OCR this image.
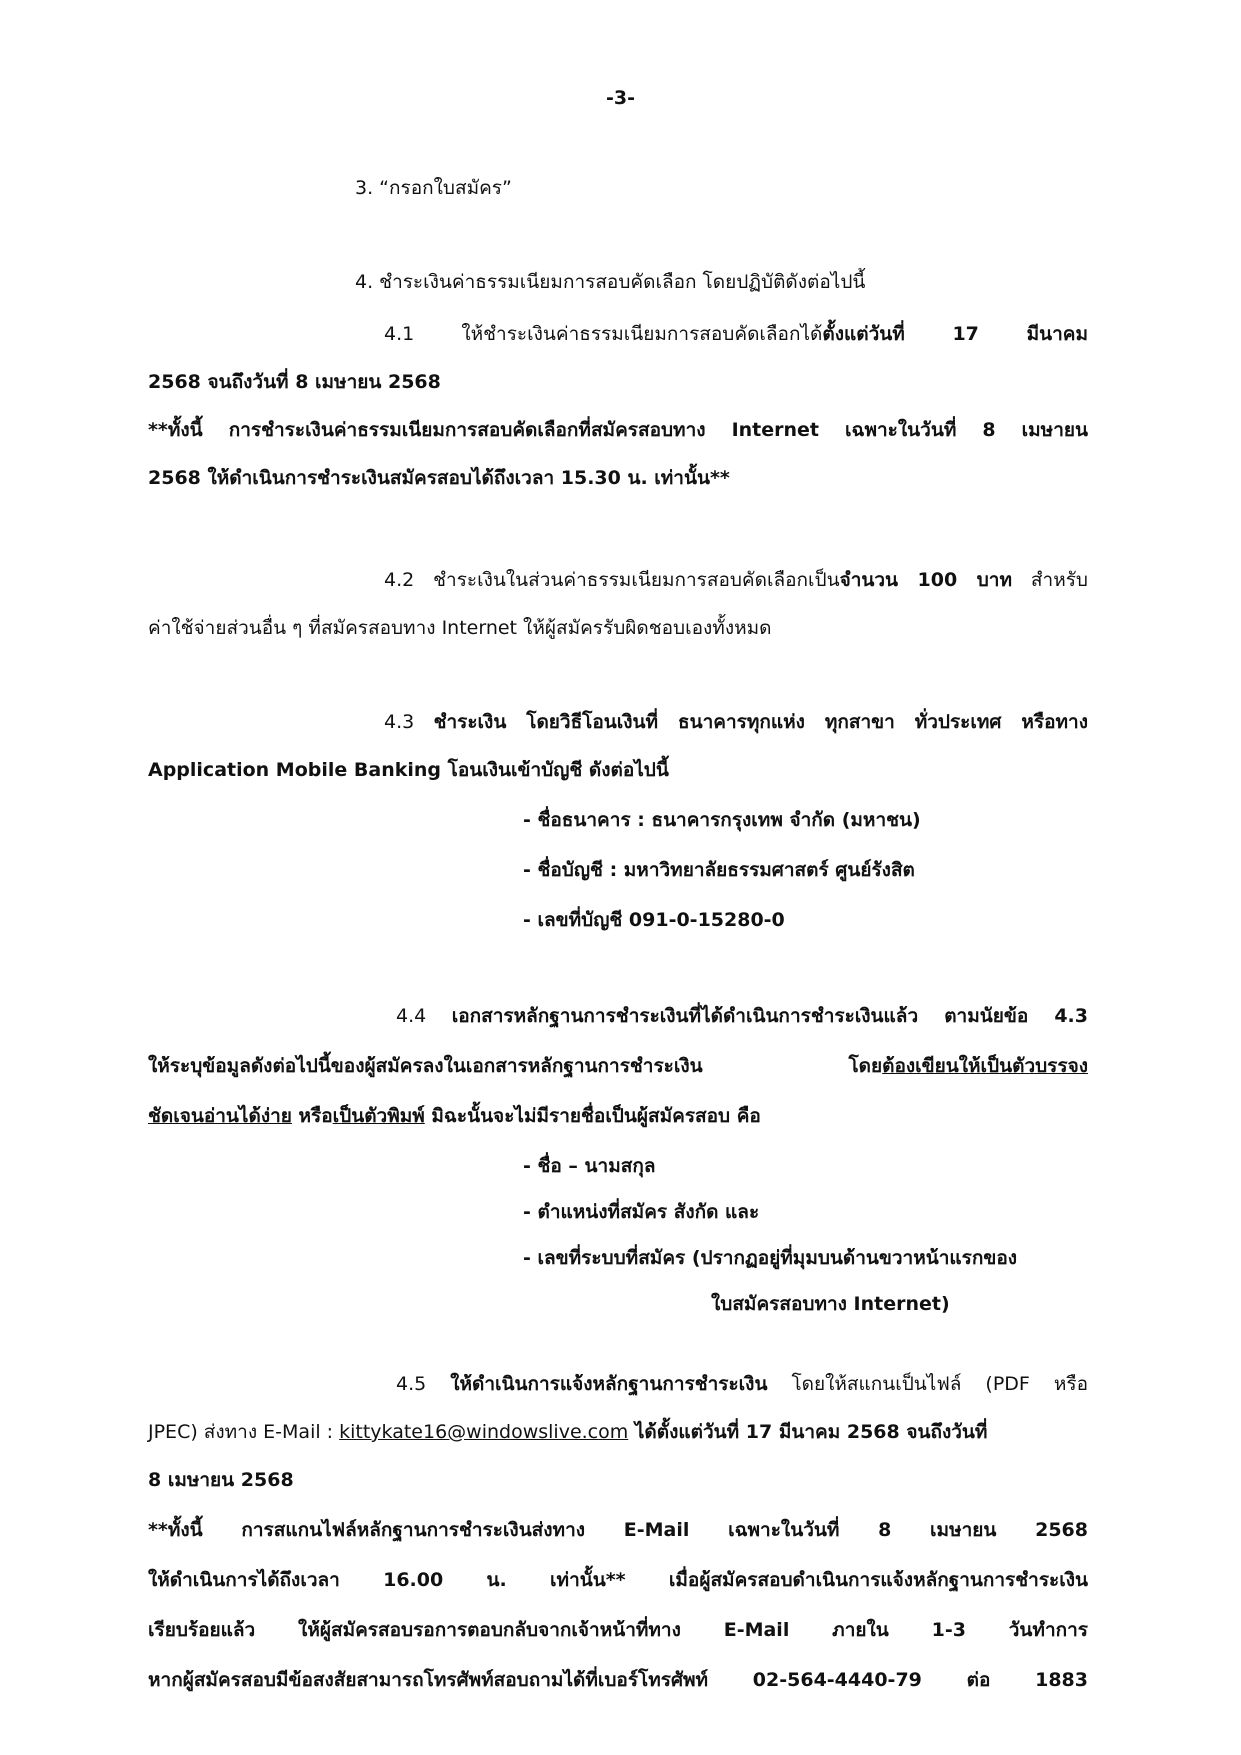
-3-
3. “กรอกใบสมัคร”
4. ชำระเงินค่าธรรมเนียมการสอบคัดเลือก โดยปฏิบัติดังต่อไปนี้
4.1 ให้ชำระเงินค่าธรรมเนียมการสอบคัดเลือกได้ตั้งแต่วันที่ 17 มีนาคม
2568 จนถึงวันที่ 8 เมษายน 2568
**ทั้งนี้ การชำระเงินค่าธรรมเนียมการสอบคัดเลือกที่สมัครสอบทาง Internet เฉพาะในวันที่ 8 เมษายน
2568 ให้ดำเนินการชำระเงินสมัครสอบได้ถึงเวลา 15.30 น. เท่านั้น**
4.2 ชำระเงินในส่วนค่าธรรมเนียมการสอบคัดเลือกเป็นจำนวน 100 บาท สำหรับ
ค่าใช้จ่ายส่วนอื่น ๆ ที่สมัครสอบทาง Internet ให้ผู้สมัครรับผิดชอบเองทั้งหมด
4.3 ชำระเงิน โดยวิธีโอนเงินที่ ธนาคารทุกแห่ง ทุกสาขา ทั่วประเทศ หรือทาง
Application Mobile Banking โอนเงินเข้าบัญชี ดังต่อไปนี้
- ชื่อธนาคาร : ธนาคารกรุงเทพ จำกัด (มหาชน)
- ชื่อบัญชี : มหาวิทยาลัยธรรมศาสตร์ ศูนย์รังสิต
- เลขที่บัญชี 091-0-15280-0
4.4 เอกสารหลักฐานการชำระเงินที่ได้ดำเนินการชำระเงินแล้ว ตามนัยข้อ 4.3
ให้ระบุข้อมูลดังต่อไปนี้ของผู้สมัครลงในเอกสารหลักฐานการชำระเงิน โดยต้องเขียนให้เป็นตัวบรรจง
ชัดเจนอ่านได้ง่าย หรือเป็นตัวพิมพ์ มิฉะนั้นจะไม่มีรายชื่อเป็นผู้สมัครสอบ คือ
- ชื่อ – นามสกุล
- ตำแหน่งที่สมัคร สังกัด และ
- เลขที่ระบบที่สมัคร (ปรากฏอยู่ที่มุมบนด้านขวาหน้าแรกของ
ใบสมัครสอบทาง Internet)
4.5 ให้ดำเนินการแจ้งหลักฐานการชำระเงิน โดยให้สแกนเป็นไฟล์ (PDF หรือ
JPEC) ส่งทาง E-Mail : kittykate16@windowslive.com ได้ตั้งแต่วันที่ 17 มีนาคม 2568 จนถึงวันที่
8 เมษายน 2568
**ทั้งนี้ การสแกนไฟล์หลักฐานการชำระเงินส่งทาง E-Mail เฉพาะในวันที่ 8 เมษายน 2568
ให้ดำเนินการได้ถึงเวลา 16.00 น. เท่านั้น** เมื่อผู้สมัครสอบดำเนินการแจ้งหลักฐานการชำระเงิน
เรียบร้อยแล้ว ให้ผู้สมัครสอบรอการตอบกลับจากเจ้าหน้าที่ทาง E-Mail ภายใน 1-3 วันทำการ
หากผู้สมัครสอบมีข้อสงสัยสามารถโทรศัพท์สอบถามได้ที่เบอร์โทรศัพท์ 02-564-4440-79 ต่อ 1883
